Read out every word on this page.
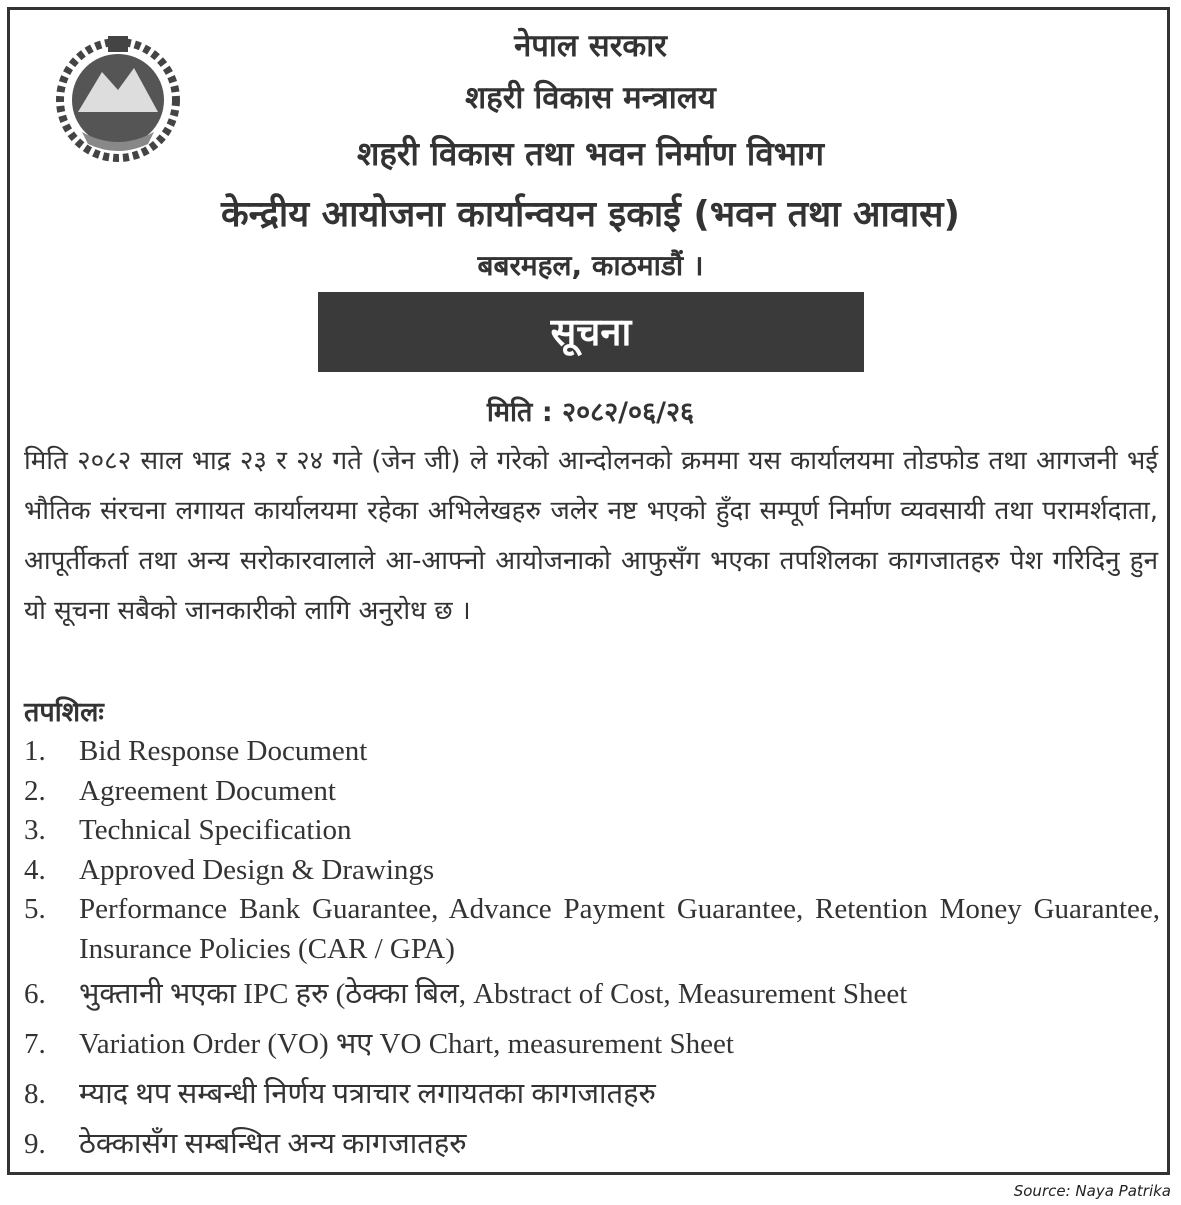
नेपाल सरकार
शहरी विकास मन्त्रालय
शहरी विकास तथा भवन निर्माण विभाग
केन्द्रीय आयोजना कार्यान्वयन इकाई (भवन तथा आवास)
बबरमहल, काठमाडौं ।
सूचना
मिति : २०८२/०६/२६
मिति २०८२ साल भाद्र २३ र २४ गते (जेन जी) ले गरेको आन्दोलनको क्रममा यस कार्यालयमा तोडफोड तथा आगजनी भई भौतिक संरचना लगायत कार्यालयमा रहेका अभिलेखहरु जलेर नष्ट भएको हुँदा सम्पूर्ण निर्माण व्यवसायी तथा परामर्शदाता, आपूर्तीकर्ता तथा अन्य सरोकारवालाले आ-आफ्नो आयोजनाको आफुसँग भएका तपशिलका कागजातहरु पेश गरिदिनु हुन यो सूचना सबैको जानकारीको लागि अनुरोध छ ।
तपशिलः
1.	Bid Response Document
2.	Agreement Document
3.	Technical Specification
4.	Approved Design & Drawings
5.	Performance Bank Guarantee, Advance Payment Guarantee, Retention Money Guarantee, Insurance Policies (CAR / GPA)
6.	भुक्तानी भएका IPC हरु (ठेक्का बिल, Abstract of Cost, Measurement Sheet
7.	Variation Order (VO) भए VO Chart, measurement Sheet
8.	म्याद थप सम्बन्धी निर्णय पत्राचार लगायतका कागजातहरु
9.	ठेक्कासँग सम्बन्धित अन्य कागजातहरु
Source: Naya Patrika
